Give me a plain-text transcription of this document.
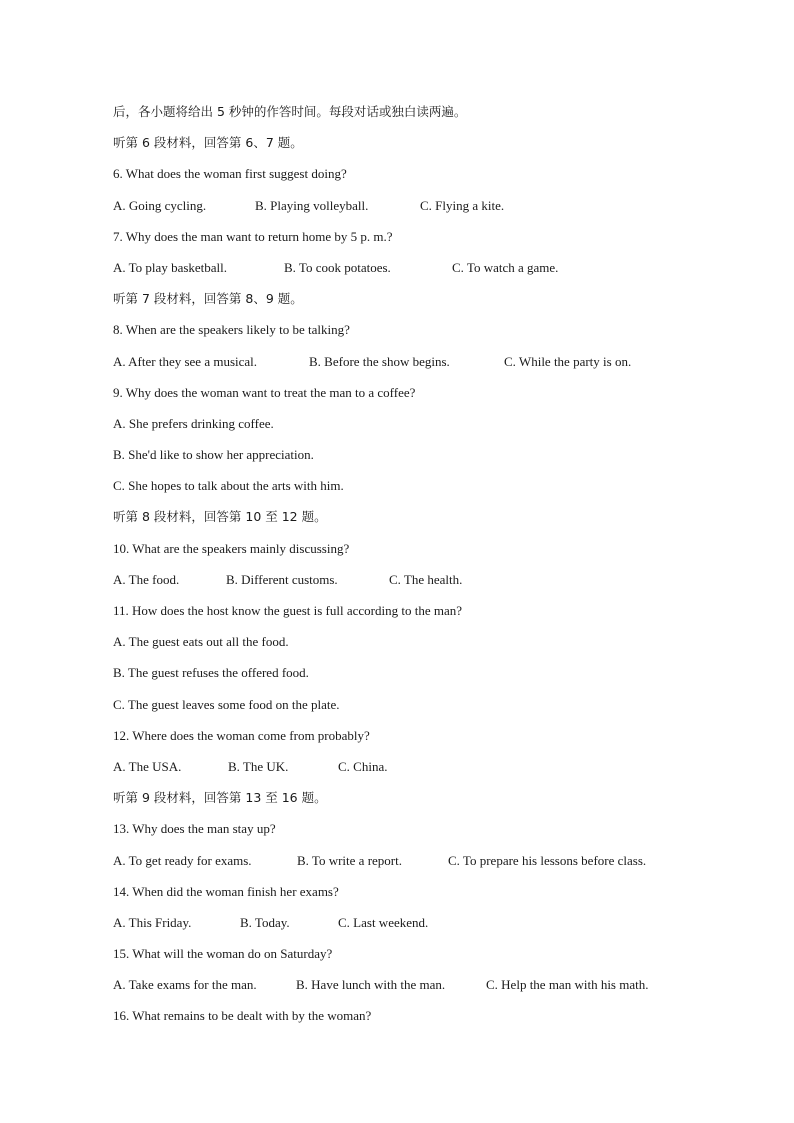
后，各小题将给出 5 秒钟的作答时间。每段对话或独白读两遍。
听第 6 段材料，回答第 6、7 题。
6. What does the woman first suggest doing?
A. Going cycling.	B. Playing volleyball.	C. Flying a kite.
7. Why does the man want to return home by 5 p. m.?
A. To play basketball.	B. To cook potatoes.	C. To watch a game.
听第 7 段材料，回答第 8、9 题。
8. When are the speakers likely to be talking?
A. After they see a musical.	B. Before the show begins.	C. While the party is on.
9. Why does the woman want to treat the man to a coffee?
A. She prefers drinking coffee.
B. She'd like to show her appreciation.
C. She hopes to talk about the arts with him.
听第 8 段材料，回答第 10 至 12 题。
10. What are the speakers mainly discussing?
A. The food.	B. Different customs.	C. The health.
11. How does the host know the guest is full according to the man?
A. The guest eats out all the food.
B. The guest refuses the offered food.
C. The guest leaves some food on the plate.
12. Where does the woman come from probably?
A. The USA.	B. The UK.	C. China.
听第 9 段材料，回答第 13 至 16 题。
13. Why does the man stay up?
A. To get ready for exams.	B. To write a report.	C. To prepare his lessons before class.
14. When did the woman finish her exams?
A. This Friday.	B. Today.	C. Last weekend.
15. What will the woman do on Saturday?
A. Take exams for the man.	B. Have lunch with the man.	C. Help the man with his math.
16. What remains to be dealt with by the woman?
